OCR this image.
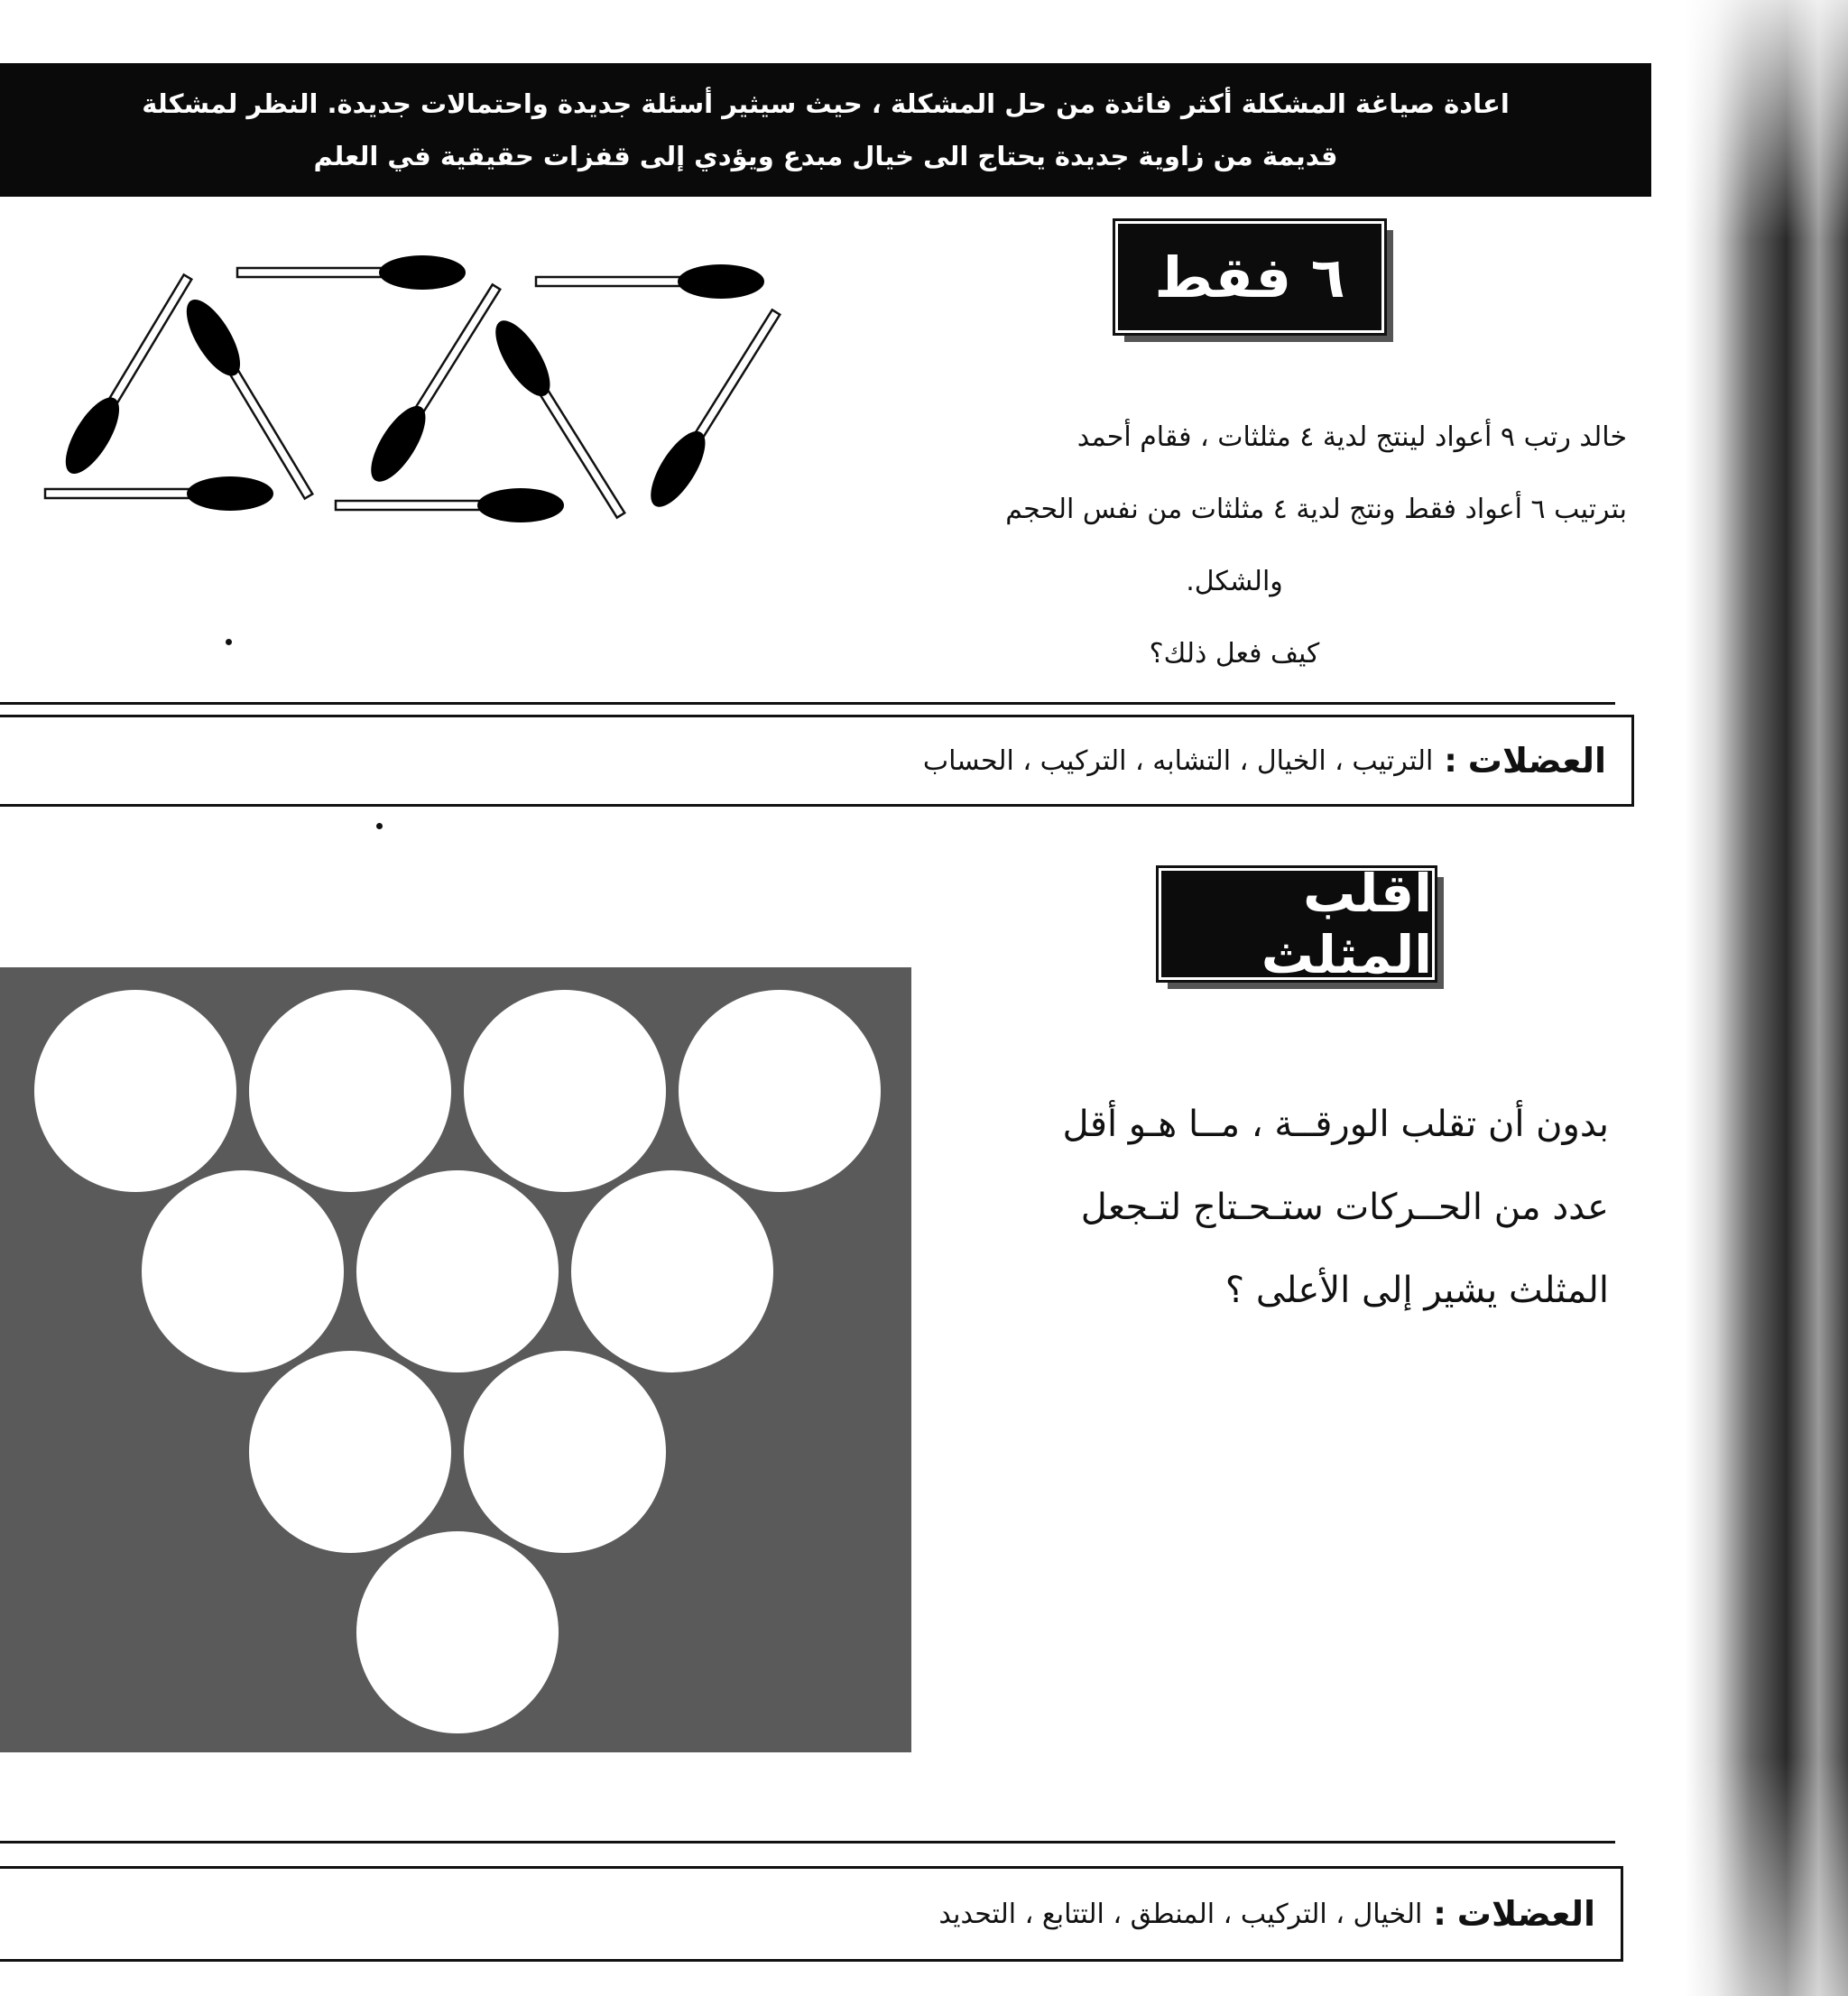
اعادة صياغة المشكلة أكثر فائدة من حل المشكلة ، حيث سيثير أسئلة جديدة واحتمالات جديدة. النظر لمشكلة
قديمة من زاوية جديدة يحتاج الى خيال مبدع ويؤدي إلى قفزات حقيقية في العلم
٦ فقط
خالد رتب ٩ أعواد لينتج لدية ٤ مثلثات ، فقام أحمد
بترتيب ٦ أعواد فقط ونتج لدية ٤ مثلثات من نفس الحجم
والشكل.
كيف فعل ذلك؟
العضلات
:
الترتيب ، الخيال ، التشابه ، التركيب ، الحساب
اقلب المثلث
بدون أن تقلب الورقــة ، مــا هـو أقل
عدد من الحــركات ستـحـتاج لتـجعل
المثلث يشير إلى الأعلى ؟
العضلات
:
الخيال ، التركيب ، المنطق ، التتابع ، التحديد
